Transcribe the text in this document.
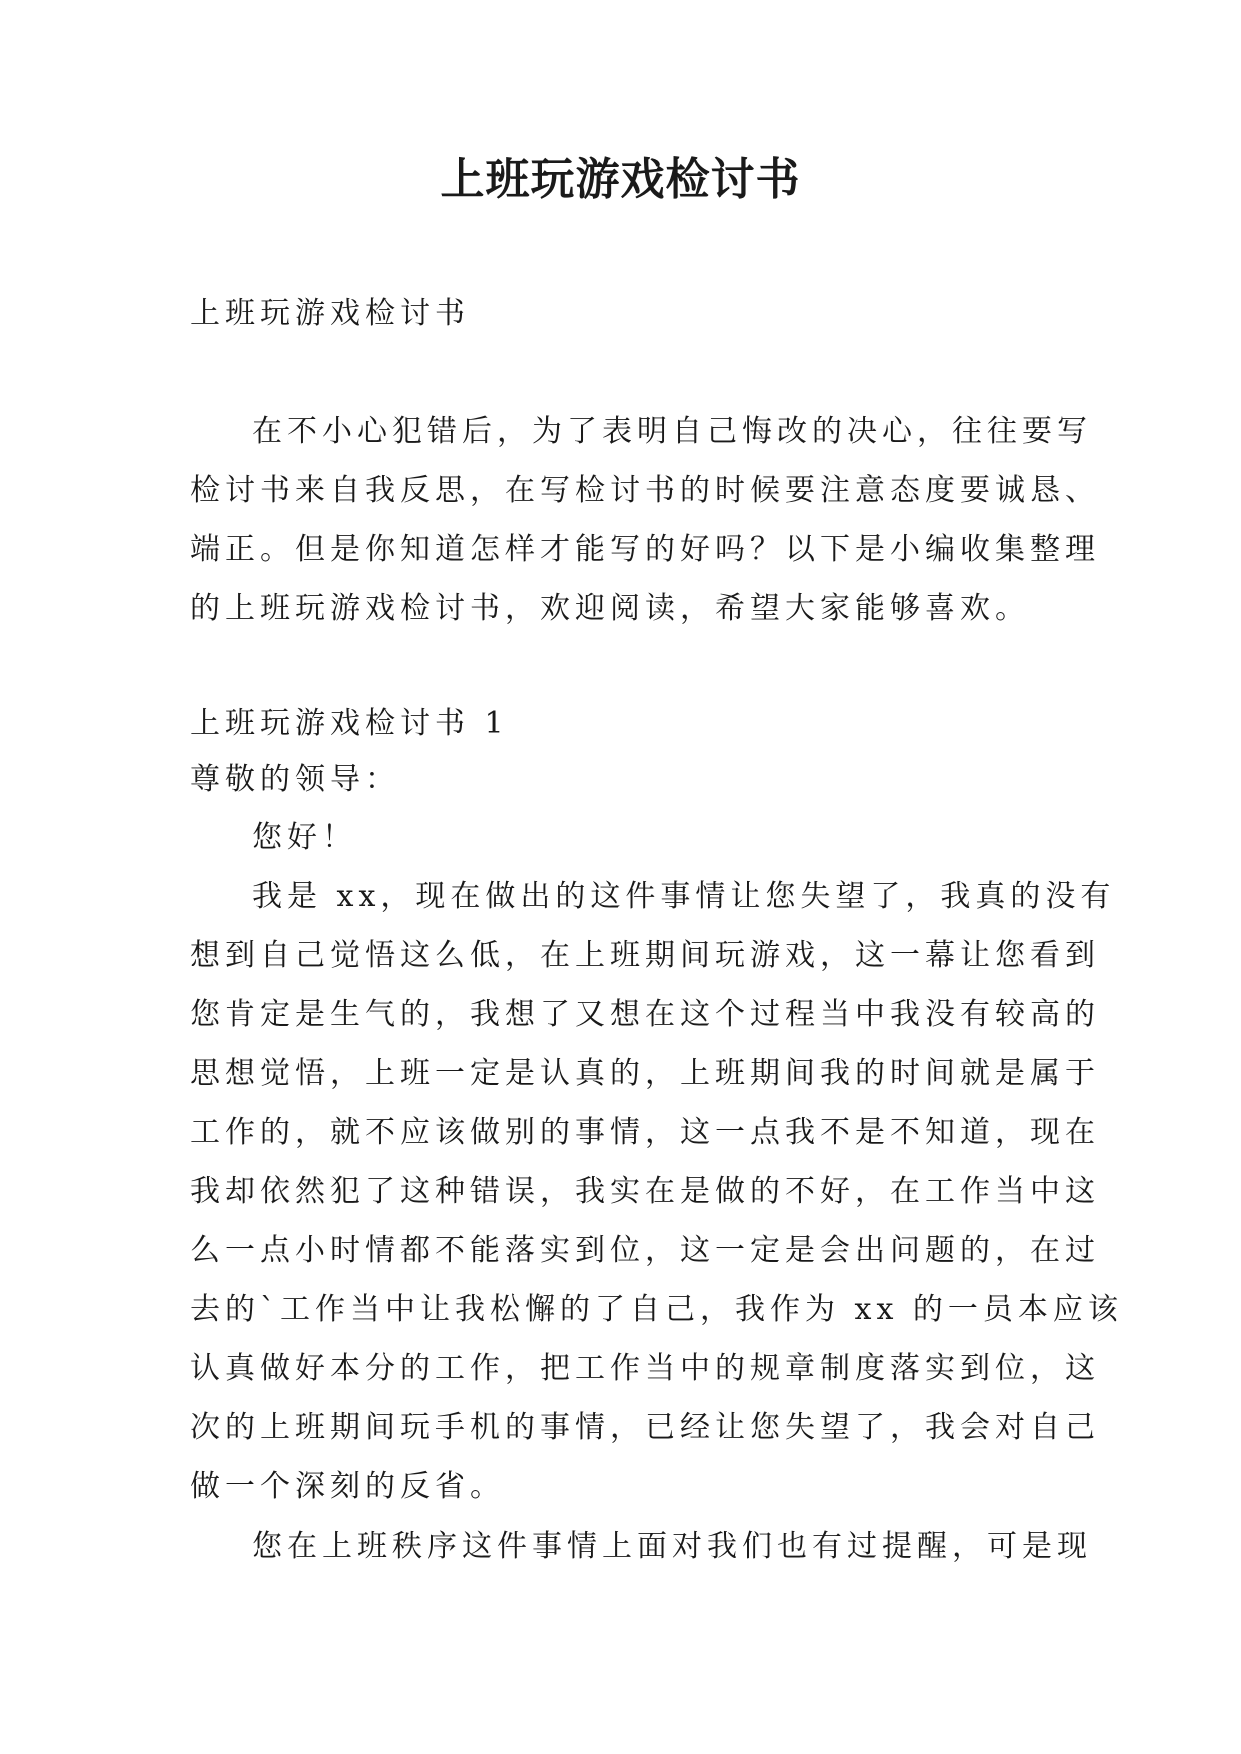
上班玩游戏检讨书
上班玩游戏检讨书
在不小心犯错后，为了表明自己悔改的决心，往往要写
检讨书来自我反思，在写检讨书的时候要注意态度要诚恳、
端正。但是你知道怎样才能写的好吗？以下是小编收集整理
的上班玩游戏检讨书，欢迎阅读，希望大家能够喜欢。
上班玩游戏检讨书 1
尊敬的领导：
您好！
我是 xx，现在做出的这件事情让您失望了，我真的没有
想到自己觉悟这么低，在上班期间玩游戏，这一幕让您看到
您肯定是生气的，我想了又想在这个过程当中我没有较高的
思想觉悟，上班一定是认真的，上班期间我的时间就是属于
工作的，就不应该做别的事情，这一点我不是不知道，现在
我却依然犯了这种错误，我实在是做的不好，在工作当中这
么一点小时情都不能落实到位，这一定是会出问题的，在过
去的`工作当中让我松懈的了自己，我作为 xx 的一员本应该
认真做好本分的工作，把工作当中的规章制度落实到位，这
次的上班期间玩手机的事情，已经让您失望了，我会对自己
做一个深刻的反省。
您在上班秩序这件事情上面对我们也有过提醒，可是现
